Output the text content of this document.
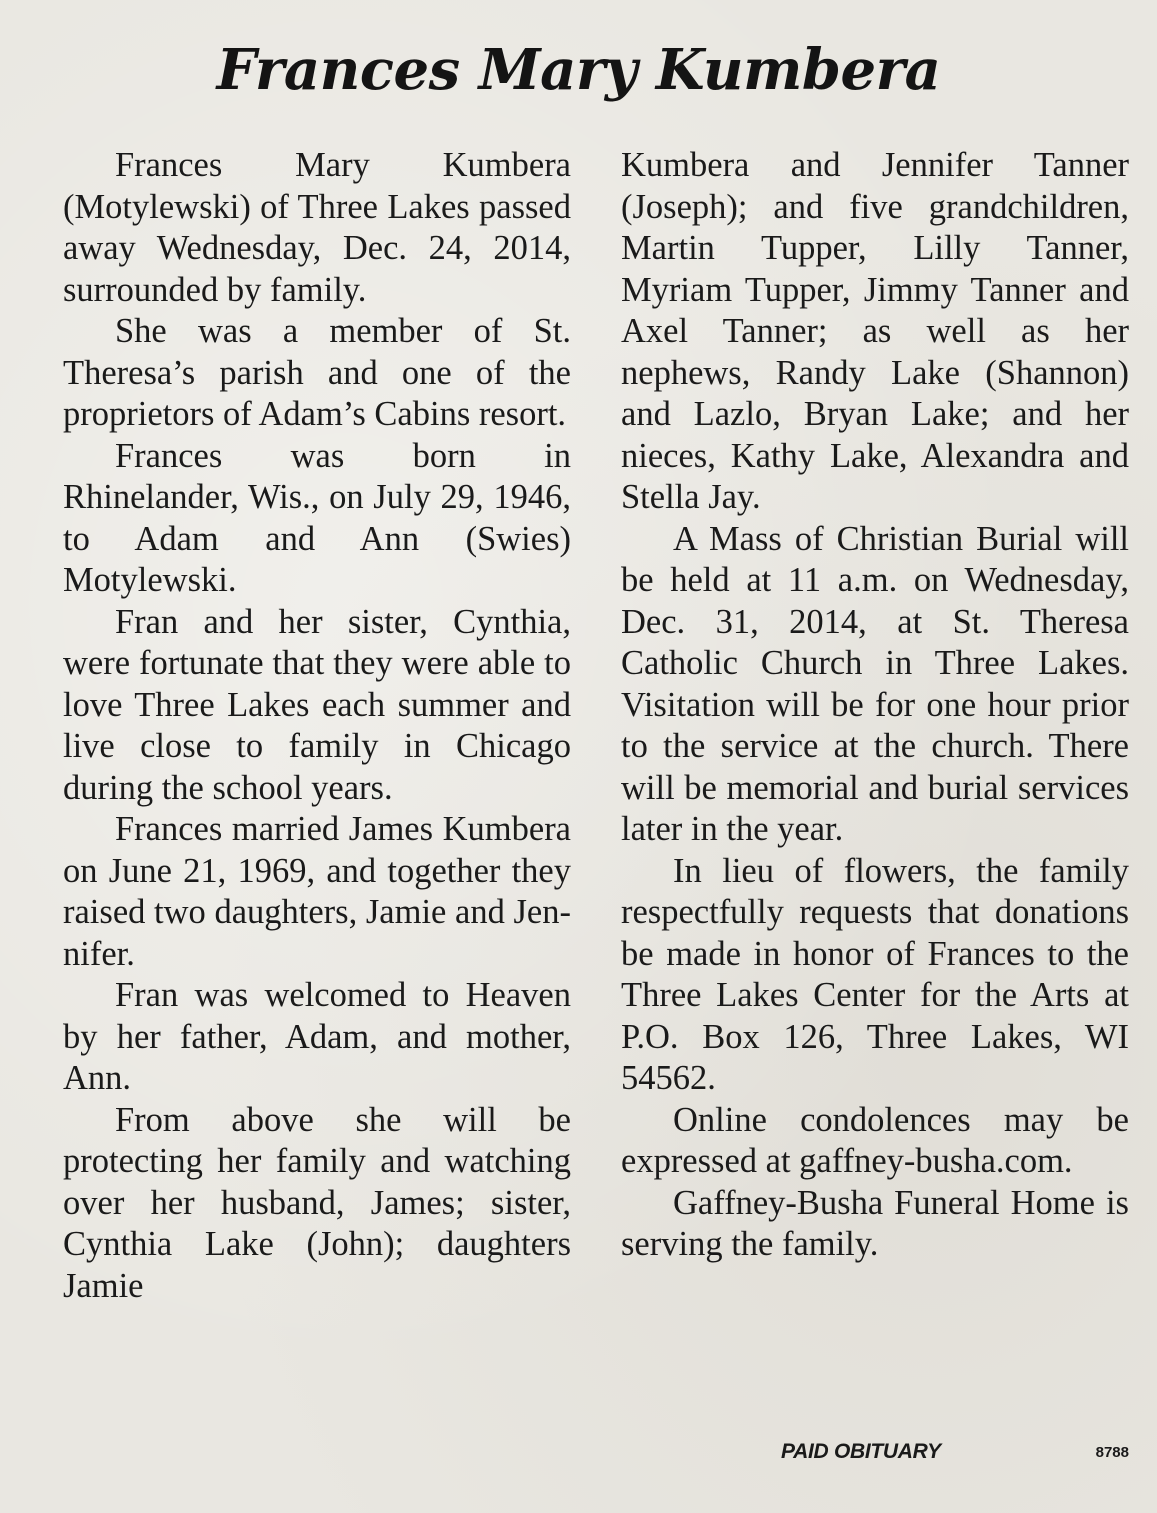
Frances Mary Kumbera

Frances Mary Kumbera (Motylewski) of Three Lakes passed away Wednesday, Dec. 24, 2014, surrounded by family.

She was a member of St. Theresa’s parish and one of the proprietors of Adam’s Cabins resort.

Frances was born in Rhinelander, Wis., on July 29, 1946, to Adam and Ann (Swies) Motylewski.

Fran and her sister, Cynthia, were fortunate that they were able to love Three Lakes each summer and live close to family in Chicago during the school years.

Frances married James Kumbera on June 21, 1969, and together they raised two daughters, Jamie and Jennifer.

Fran was welcomed to Heaven by her father, Adam, and mother, Ann.

From above she will be protecting her family and watching over her husband, James; sister, Cynthia Lake (John); daughters Jamie

Kumbera and Jennifer Tanner (Joseph); and five grandchildren, Martin Tupper, Lilly Tanner, Myriam Tupper, Jimmy Tanner and Axel Tanner; as well as her nephews, Randy Lake (Shannon) and Lazlo, Bryan Lake; and her nieces, Kathy Lake, Alexandra and Stella Jay.

A Mass of Christian Burial will be held at 11 a.m. on Wednesday, Dec. 31, 2014, at St. Theresa Catholic Church in Three Lakes. Visitation will be for one hour prior to the service at the church. There will be memorial and burial services later in the year.

In lieu of flowers, the family respectfully requests that donations be made in honor of Frances to the Three Lakes Center for the Arts at P.O. Box 126, Three Lakes, WI 54562.

Online condolences may be expressed at gaffney-busha.com.

Gaffney-Busha Funeral Home is serving the family.

PAID OBITUARY	8788
